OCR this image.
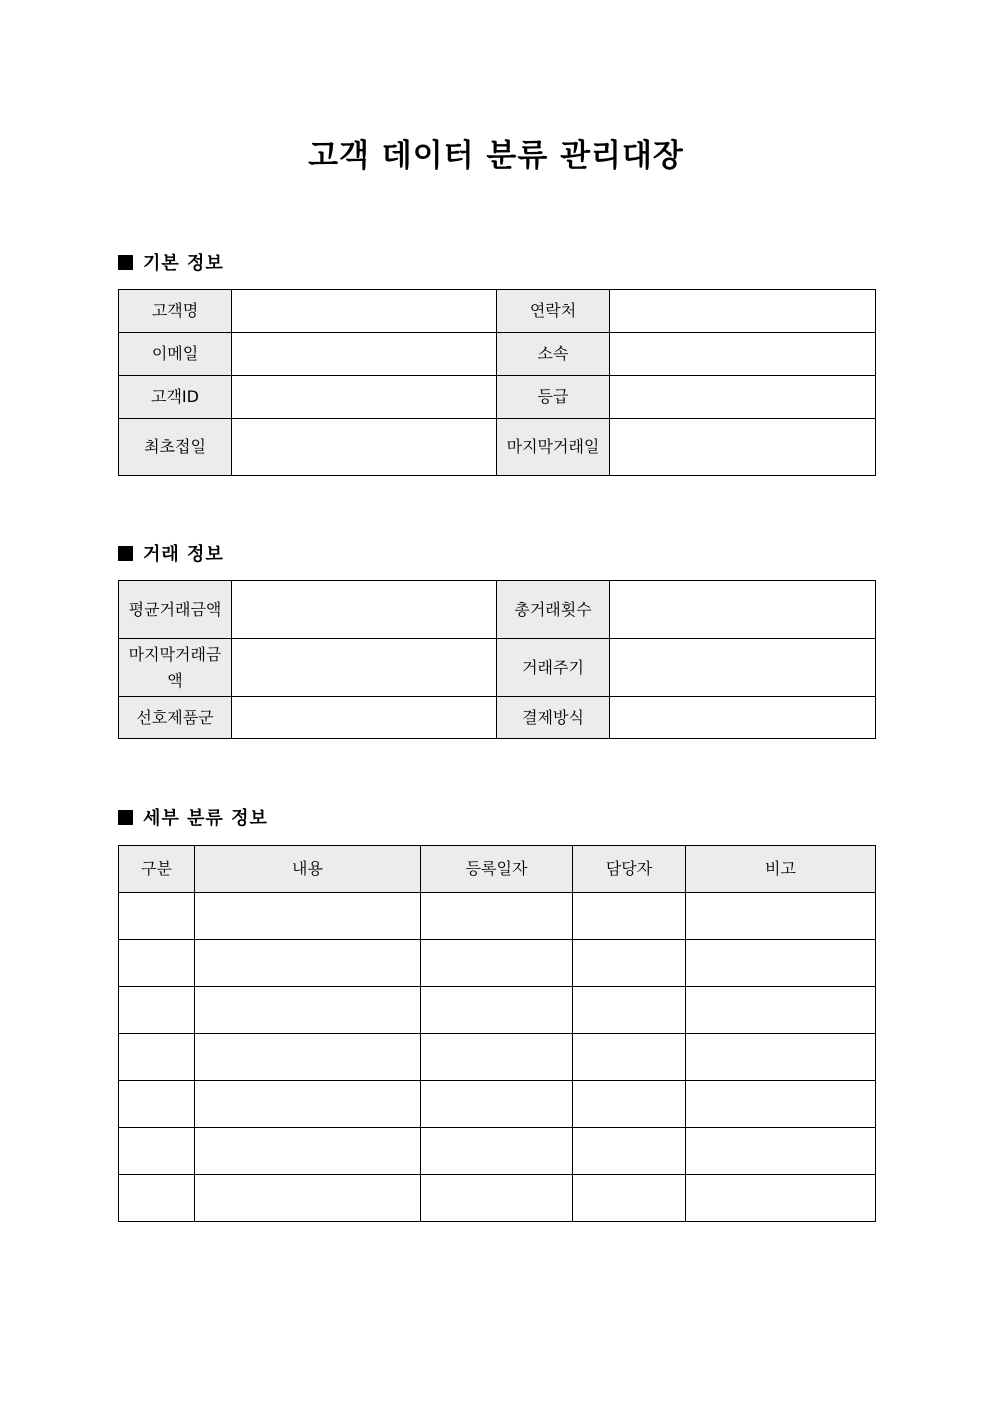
고객 데이터 분류 관리대장
기본 정보
고객명		연락처	
이메일		소속	
고객ID		등급	
최초접일		마지막거래일	
거래 정보
평균거래금액		총거래횟수	
마지막거래금액		거래주기	
선호제품군		결제방식	
세부 분류 정보
구분	내용	등록일자	담당자	비고
